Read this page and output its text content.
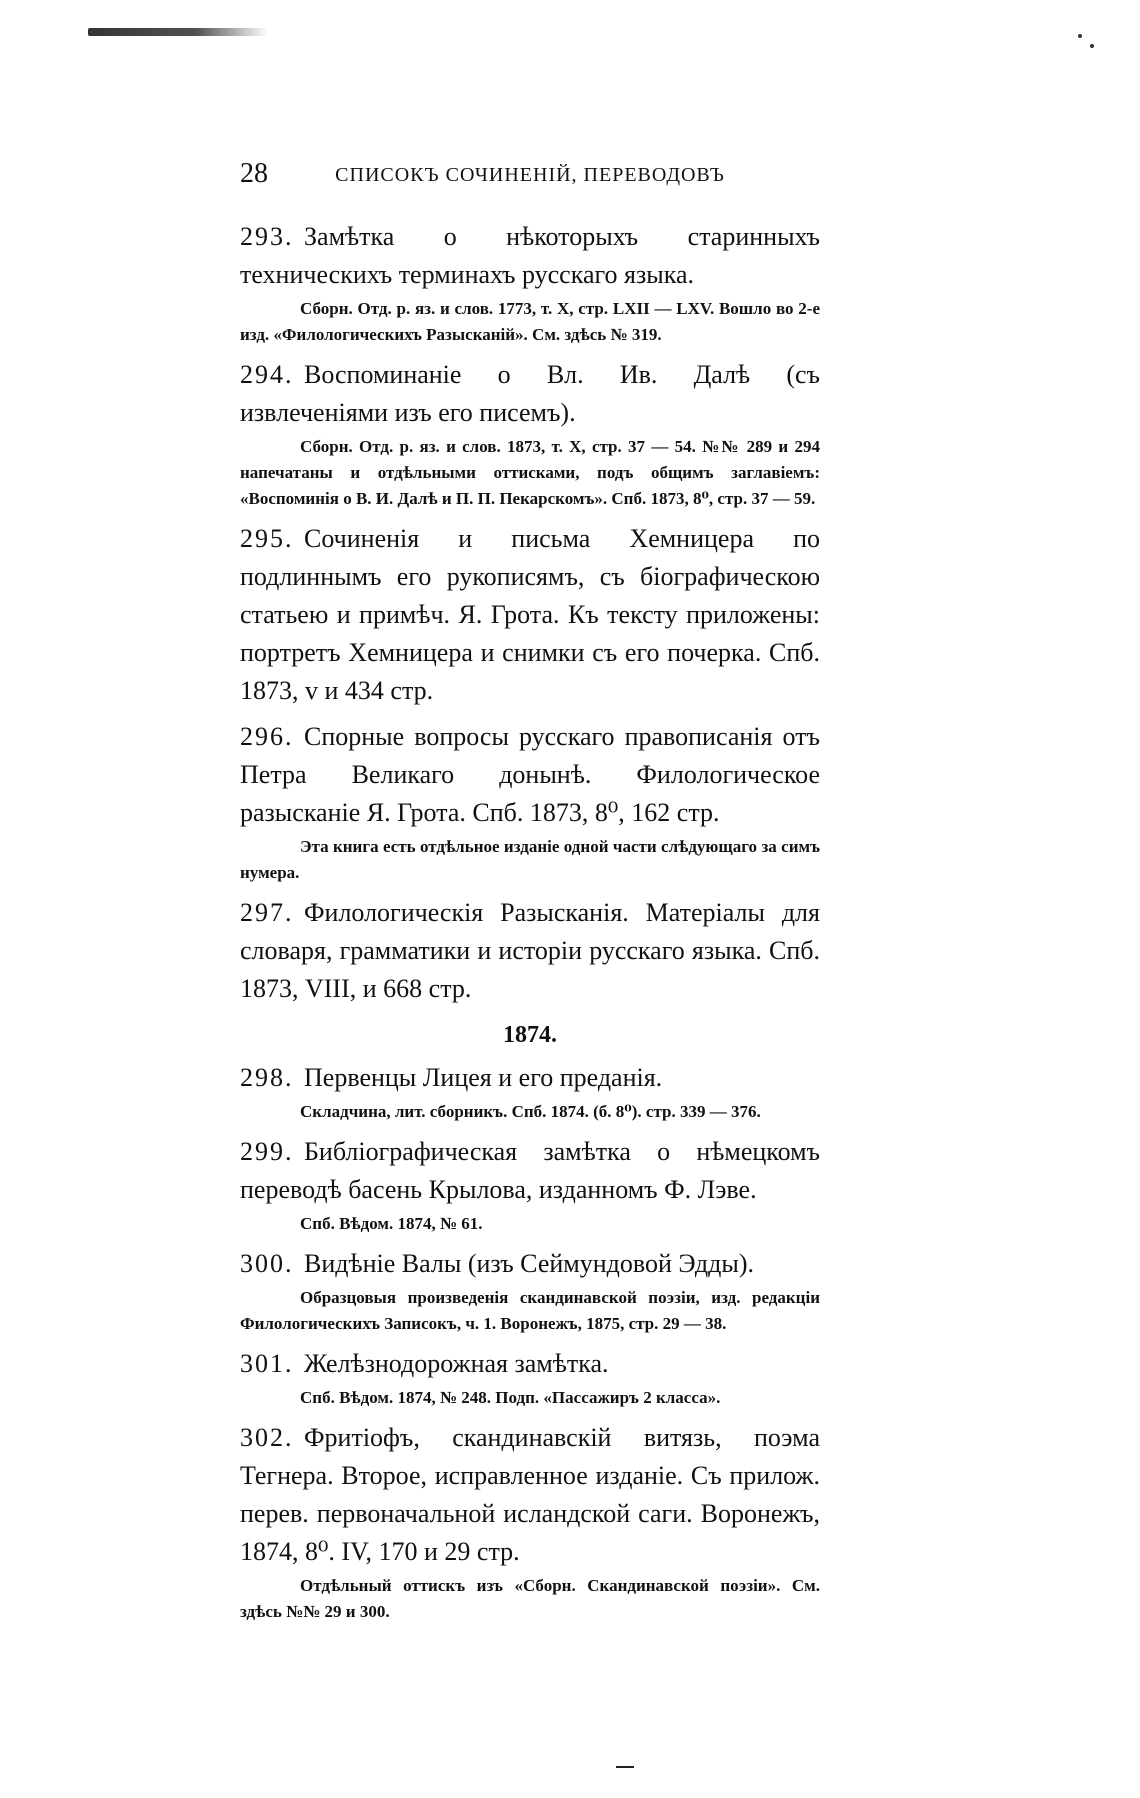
28	СПИСОКЪ СОЧИНЕНІЙ, ПЕРЕВОДОВЪ
293. Замѣтка о нѣкоторыхъ старинныхъ техническихъ терминахъ русскаго языка.
Сборн. Отд. р. яз. и слов. 1773, т. X, стр. LXII — LXV. Вошло во 2-е изд. «Филологическихъ Разысканій». См. здѣсь № 319.
294. Воспоминаніе о Вл. Ив. Далѣ (съ извлеченіями изъ его писемъ).
Сборн. Отд. р. яз. и слов. 1873, т. X, стр. 37 — 54. №№ 289 и 294 напечатаны и отдѣльными оттисками, подъ общимъ заглавіемъ: «Воспоминія о В. И. Далѣ и П. П. Пекарскомъ». Спб. 1873, 8⁰, стр. 37 — 59.
295. Сочиненія и письма Хемницера по подлиннымъ его рукописямъ, съ біографическою статьею и примѣч. Я. Грота. Къ тексту приложены: портретъ Хемницера и снимки съ его почерка. Спб. 1873, v и 434 стр.
296. Спорные вопросы русскаго правописанія отъ Петра Великаго донынѣ. Филологическое разысканіе Я. Грота. Спб. 1873, 8⁰, 162 стр.
Эта книга есть отдѣльное изданіе одной части слѣдующаго за симъ нумера.
297. Филологическія Разысканія. Матеріалы для словаря, грамматики и исторіи русскаго языка. Спб. 1873, VIII, и 668 стр.
1874.
298. Первенцы Лицея и его преданія.
Складчина, лит. сборникъ. Спб. 1874. (б. 8⁰). стр. 339 — 376.
299. Библіографическая замѣтка о нѣмецкомъ переводѣ басень Крылова, изданномъ Ф. Лэве.
Спб. Вѣдом. 1874, № 61.
300. Видѣніе Валы (изъ Сеймундовой Эдды).
Образцовыя произведенія скандинавской поэзіи, изд. редакціи Филологическихъ Записокъ, ч. 1. Воронежъ, 1875, стр. 29 — 38.
301. Желѣзнодорожная замѣтка.
Спб. Вѣдом. 1874, № 248. Подп. «Пассажиръ 2 класса».
302. Фритіофъ, скандинавскій витязь, поэма Тегнера. Второе, исправленное изданіе. Съ прилож. перев. первоначальной исландской саги. Воронежъ, 1874, 8⁰. IV, 170 и 29 стр.
Отдѣльный оттискъ изъ «Сборн. Скандинавской поэзіи». См. здѣсь №№ 29 и 300.
